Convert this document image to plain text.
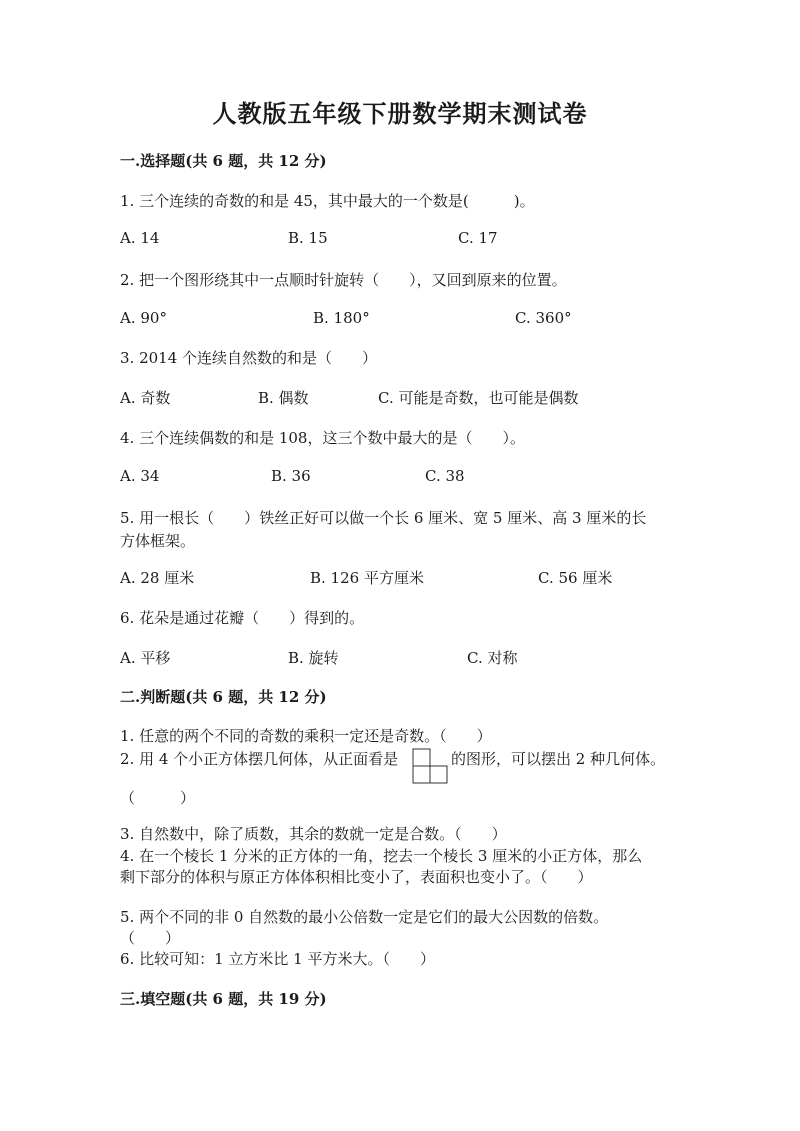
人教版五年级下册数学期末测试卷
一.选择题(共 6 题，共 12 分)
1. 三个连续的奇数的和是 45，其中最大的一个数是(　　　)。
A. 14	B. 15	C. 17
2. 把一个图形绕其中一点顺时针旋转（　　），又回到原来的位置。
A. 90°	B. 180°	C. 360°
3. 2014 个连续自然数的和是（　　）
A. 奇数	B. 偶数	C. 可能是奇数，也可能是偶数
4. 三个连续偶数的和是 108，这三个数中最大的是（　　）。
A. 34	B. 36	C. 38
5. 用一根长（　　）铁丝正好可以做一个长 6 厘米、宽 5 厘米、高 3 厘米的长
方体框架。
A. 28 厘米	B. 126 平方厘米	C. 56 厘米
6. 花朵是通过花瓣（　　）得到的。
A. 平移	B. 旋转	C. 对称
二.判断题(共 6 题，共 12 分)
1. 任意的两个不同的奇数的乘积一定还是奇数。（　　）
2. 用 4 个小正方体摆几何体，从正面看是	的图形，可以摆出 2 种几何体。
（　　　）
3. 自然数中，除了质数，其余的数就一定是合数。（　　）
4. 在一个棱长 1 分米的正方体的一角，挖去一个棱长 3 厘米的小正方体，那么
剩下部分的体积与原正方体体积相比变小了，表面积也变小了。（　　）
5. 两个不同的非 0 自然数的最小公倍数一定是它们的最大公因数的倍数。
（　　）
6. 比较可知：1 立方米比 1 平方米大。（　　）
三.填空题(共 6 题，共 19 分)
